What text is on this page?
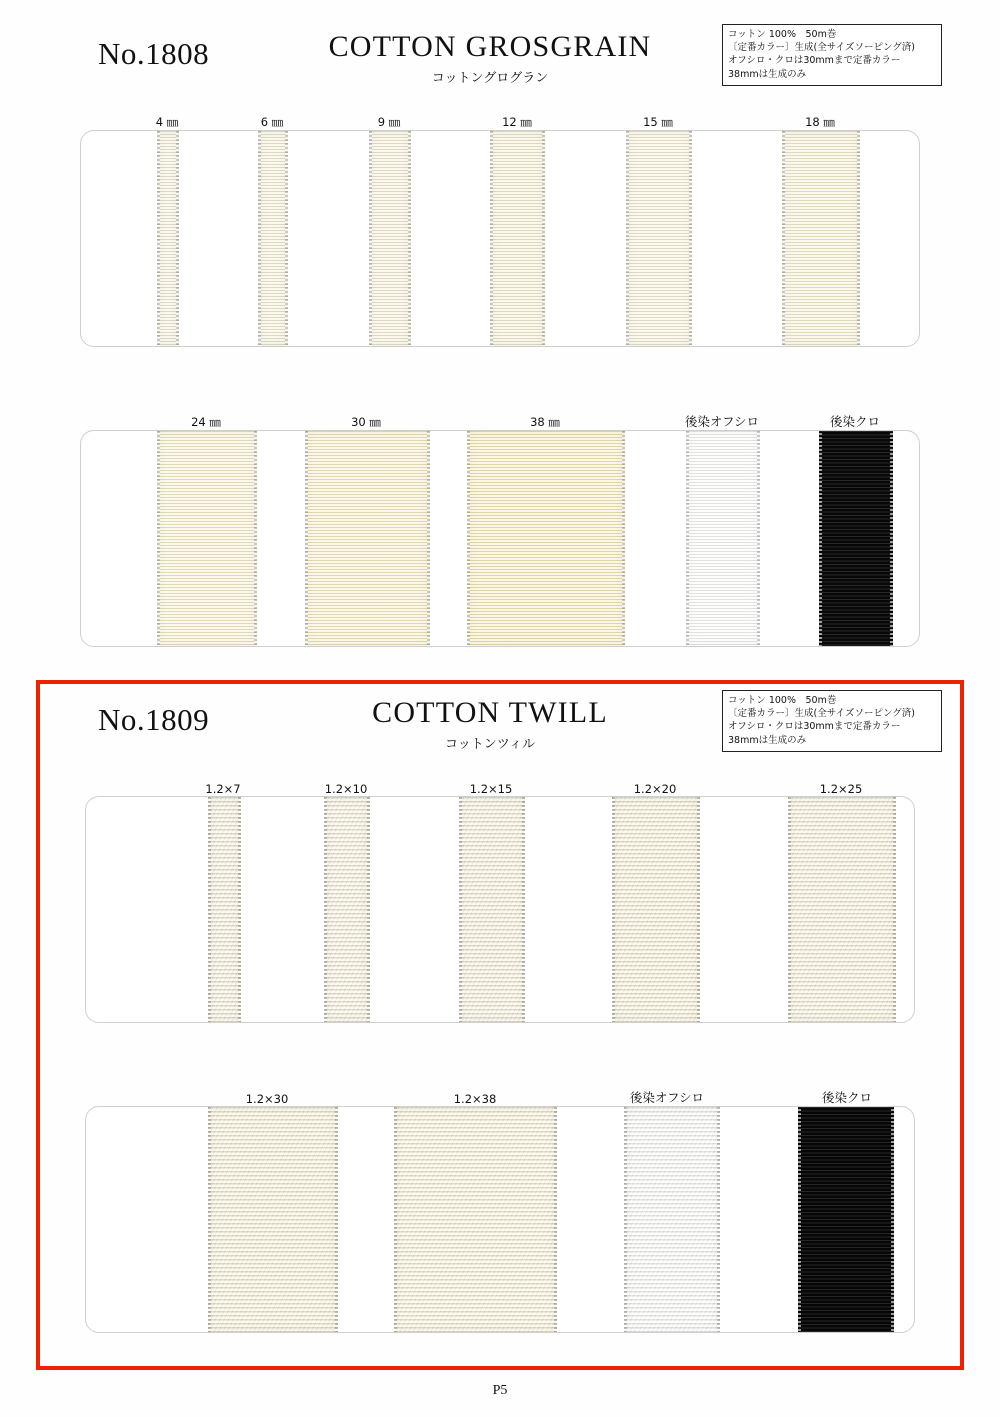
No.1808	COTTON GROSGRAIN
コットングログラン
コットン 100%　50m巻
〔定番カラー〕生成(全サイズソーピング済)
オフシロ・クロは30mmまで定番カラー
38mmは生成のみ
4 ㎜	6 ㎜	9 ㎜	12 ㎜	15 ㎜	18 ㎜
24 ㎜	30 ㎜	38 ㎜	後染オフシロ	後染クロ
No.1809	COTTON TWILL
コットンツィル
コットン 100%　50m巻
〔定番カラー〕生成(全サイズソーピング済)
オフシロ・クロは30mmまで定番カラー
38mmは生成のみ
1.2×7	1.2×10	1.2×15	1.2×20	1.2×25
1.2×30	1.2×38	後染オフシロ	後染クロ
P5
